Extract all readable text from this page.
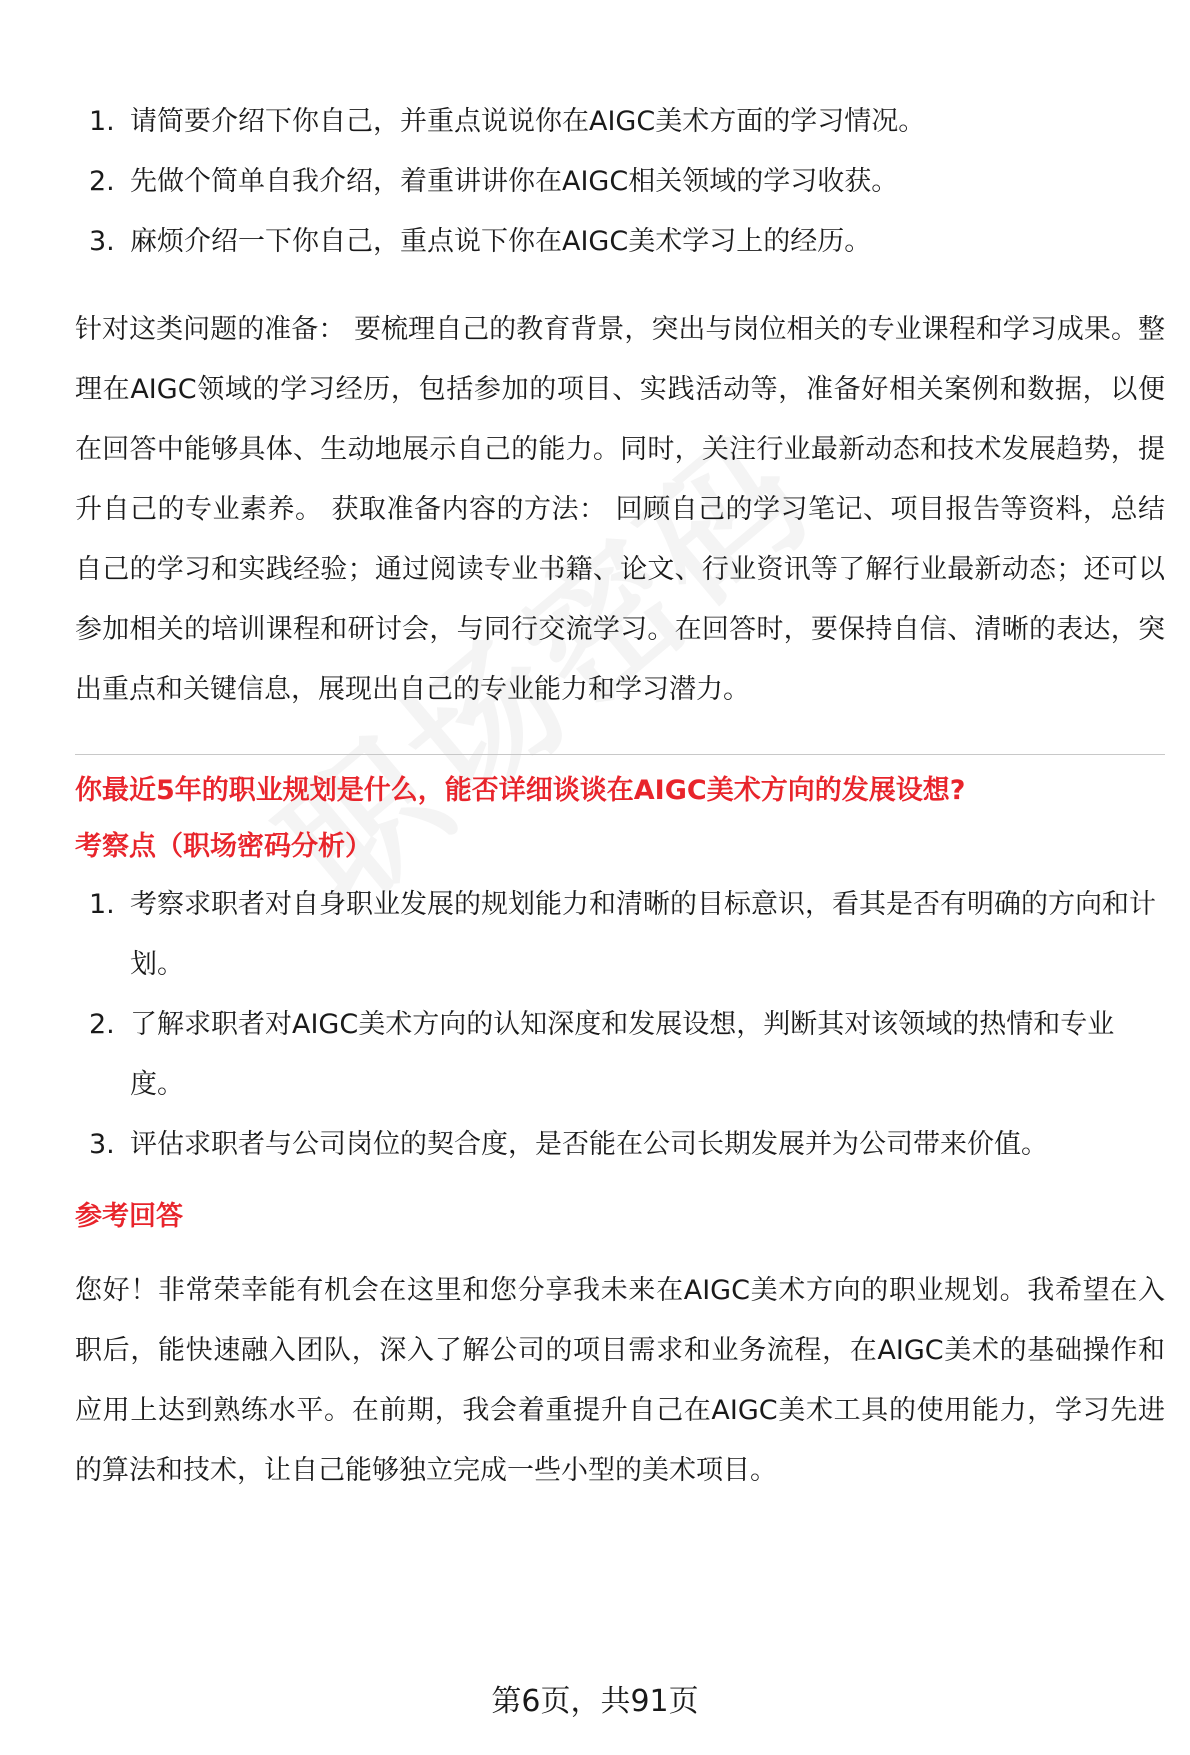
1. 请简要介绍下你自己，并重点说说你在AIGC美术方面的学习情况。
2. 先做个简单自我介绍，着重讲讲你在AIGC相关领域的学习收获。
3. 麻烦介绍一下你自己，重点说下你在AIGC美术学习上的经历。

针对这类问题的准备： 要梳理自己的教育背景，突出与岗位相关的专业课程和学习成果。整理在AIGC领域的学习经历，包括参加的项目、实践活动等，准备好相关案例和数据，以便在回答中能够具体、生动地展示自己的能力。同时，关注行业最新动态和技术发展趋势，提升自己的专业素养。 获取准备内容的方法： 回顾自己的学习笔记、项目报告等资料，总结自己的学习和实践经验；通过阅读专业书籍、论文、行业资讯等了解行业最新动态；还可以参加相关的培训课程和研讨会，与同行交流学习。在回答时，要保持自信、清晰的表达，突出重点和关键信息，展现出自己的专业能力和学习潜力。

你最近5年的职业规划是什么，能否详细谈谈在AIGC美术方向的发展设想?

考察点（职场密码分析）

1. 考察求职者对自身职业发展的规划能力和清晰的目标意识，看其是否有明确的方向和计划。
2. 了解求职者对AIGC美术方向的认知深度和发展设想，判断其对该领域的热情和专业度。
3. 评估求职者与公司岗位的契合度，是否能在公司长期发展并为公司带来价值。

参考回答

您好！非常荣幸能有机会在这里和您分享我未来在AIGC美术方向的职业规划。我希望在入职后，能快速融入团队，深入了解公司的项目需求和业务流程，在AIGC美术的基础操作和应用上达到熟练水平。在前期，我会着重提升自己在AIGC美术工具的使用能力，学习先进的算法和技术，让自己能够独立完成一些小型的美术项目。

第6页，共91页
